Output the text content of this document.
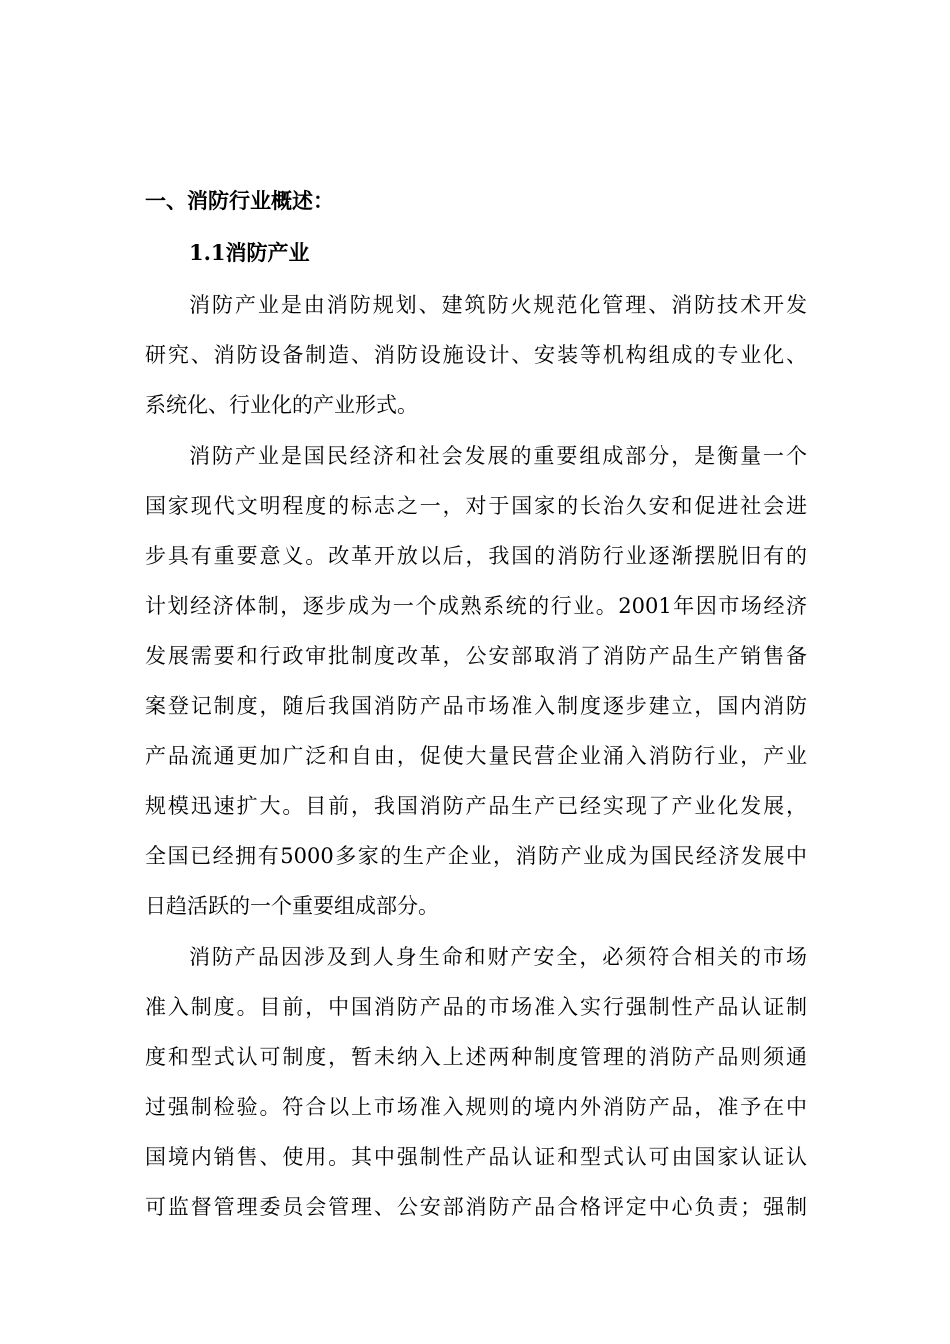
一、消防行业概述：
1.1消防产业
消防产业是由消防规划、建筑防火规范化管理、消防技术开发
研究、消防设备制造、消防设施设计、安装等机构组成的专业化、
系统化、行业化的产业形式。
消防产业是国民经济和社会发展的重要组成部分，是衡量一个
国家现代文明程度的标志之一，对于国家的长治久安和促进社会进
步具有重要意义。改革开放以后，我国的消防行业逐渐摆脱旧有的
计划经济体制，逐步成为一个成熟系统的行业。2001年因市场经济
发展需要和行政审批制度改革，公安部取消了消防产品生产销售备
案登记制度，随后我国消防产品市场准入制度逐步建立，国内消防
产品流通更加广泛和自由，促使大量民营企业涌入消防行业，产业
规模迅速扩大。目前，我国消防产品生产已经实现了产业化发展，
全国已经拥有5000多家的生产企业，消防产业成为国民经济发展中
日趋活跃的一个重要组成部分。
消防产品因涉及到人身生命和财产安全，必须符合相关的市场
准入制度。目前，中国消防产品的市场准入实行强制性产品认证制
度和型式认可制度，暂未纳入上述两种制度管理的消防产品则须通
过强制检验。符合以上市场准入规则的境内外消防产品，准予在中
国境内销售、使用。其中强制性产品认证和型式认可由国家认证认
可监督管理委员会管理、公安部消防产品合格评定中心负责；强制
